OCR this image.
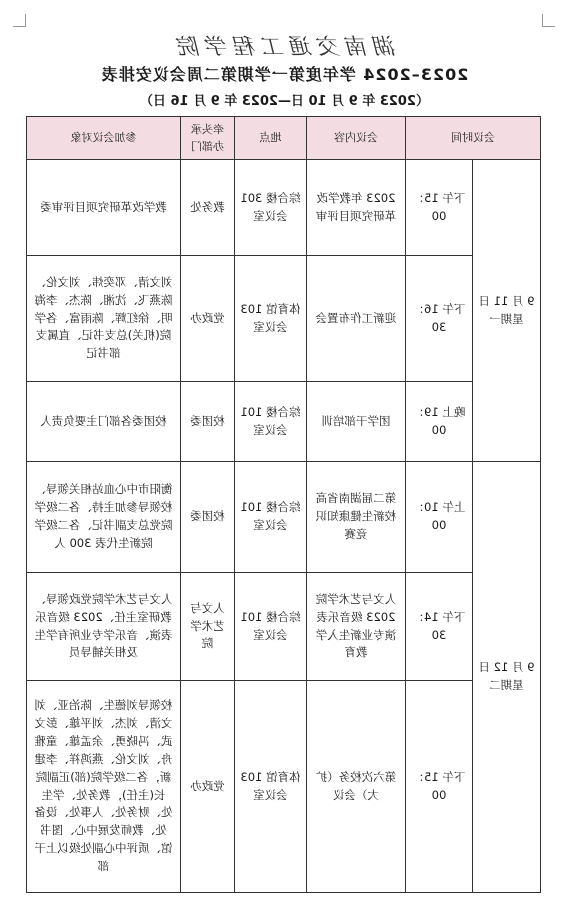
湖南交通工程学院
2023–2024 学年度第一学期第二周会议安排表
（2023 年 9 月 10 日—2023 年 9 月 16 日）
会议时间		会议内容	地点	牵头承办部门	参加会议对象
9 月 11 日星期一	下午 15：00	2023 年教学改革研究项目评审	综合楼 301 会议室	教务处	教学改革研究项目评审委
	下午 16：30	迎新工作布置会	体育馆 103 会议室	党政办	刘文清、邓奕炜、刘文伦、陈燕飞、沈湘、陈杰、李海明、徐红辉、陈雨富、各学院(机关)总支书记、直属支部书记
	晚上 19：00	团学干部培训	综合楼 101 会议室	校团委	校团委各部门主要负责人
9 月 12 日星期二	上午 10：00	第二届湖南省高校新生健康知识竞赛	综合楼 101 会议室	校团委	衡阳市中心血站相关领导、校领导参加主持、各二级学院党总支副书记、各二级学院新生代表 300 人
	下午 14：30	人文与艺术学院 2023 级音乐表演专业新生入学教育	综合楼 101 会议室	人文与艺术学院	人文与艺术学院党政领导、教研室主任、2023 级音乐表演、音乐学专业所有学生及相关辅导员
	下午 15：00	第六次校务（扩大）会议	体育馆 103 会议室	党政办	校领导刘德生、陈治亚、刘文清、刘杰、刘平雄、彭文武、冯晓勇、余孟雄、童雅舟、刘文伦、燕鸿祥、李建新，各二级学院(部)正副院长(主任)，教务处、学生处、财务处、人事处、设备处、教师发展中心、图书馆、质评中心副处级以上干部
